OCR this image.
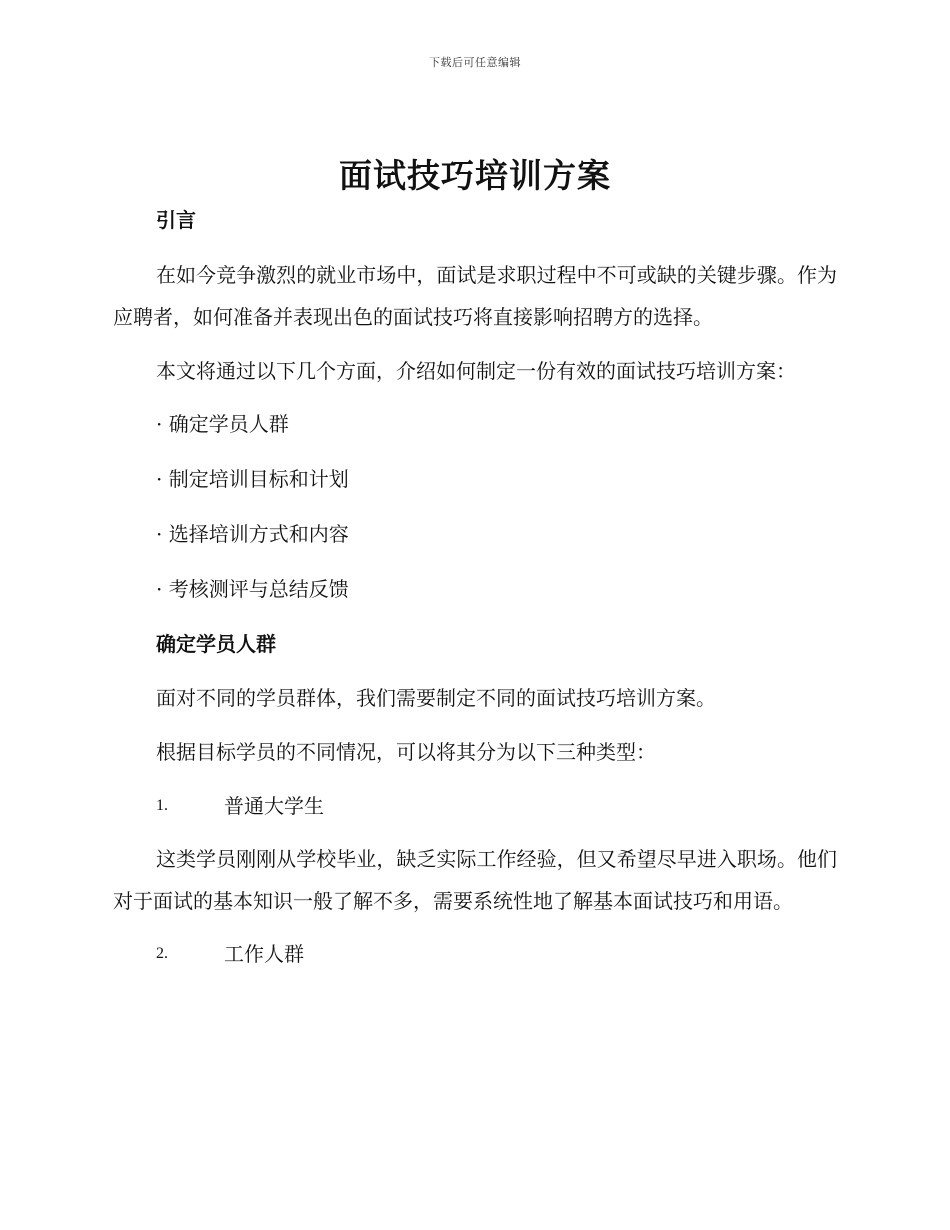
下载后可任意编辑
面试技巧培训方案

引言

在如今竞争激烈的就业市场中，面试是求职过程中不可或缺的关键步骤。作为应聘者，如何准备并表现出色的面试技巧将直接影响招聘方的选择。

本文将通过以下几个方面，介绍如何制定一份有效的面试技巧培训方案：

· 确定学员人群

· 制定培训目标和计划

· 选择培训方式和内容

· 考核测评与总结反馈

确定学员人群

面对不同的学员群体，我们需要制定不同的面试技巧培训方案。

根据目标学员的不同情况，可以将其分为以下三种类型：

1.	普通大学生

这类学员刚刚从学校毕业，缺乏实际工作经验，但又希望尽早进入职场。他们对于面试的基本知识一般了解不多，需要系统性地了解基本面试技巧和用语。

2.	工作人群
